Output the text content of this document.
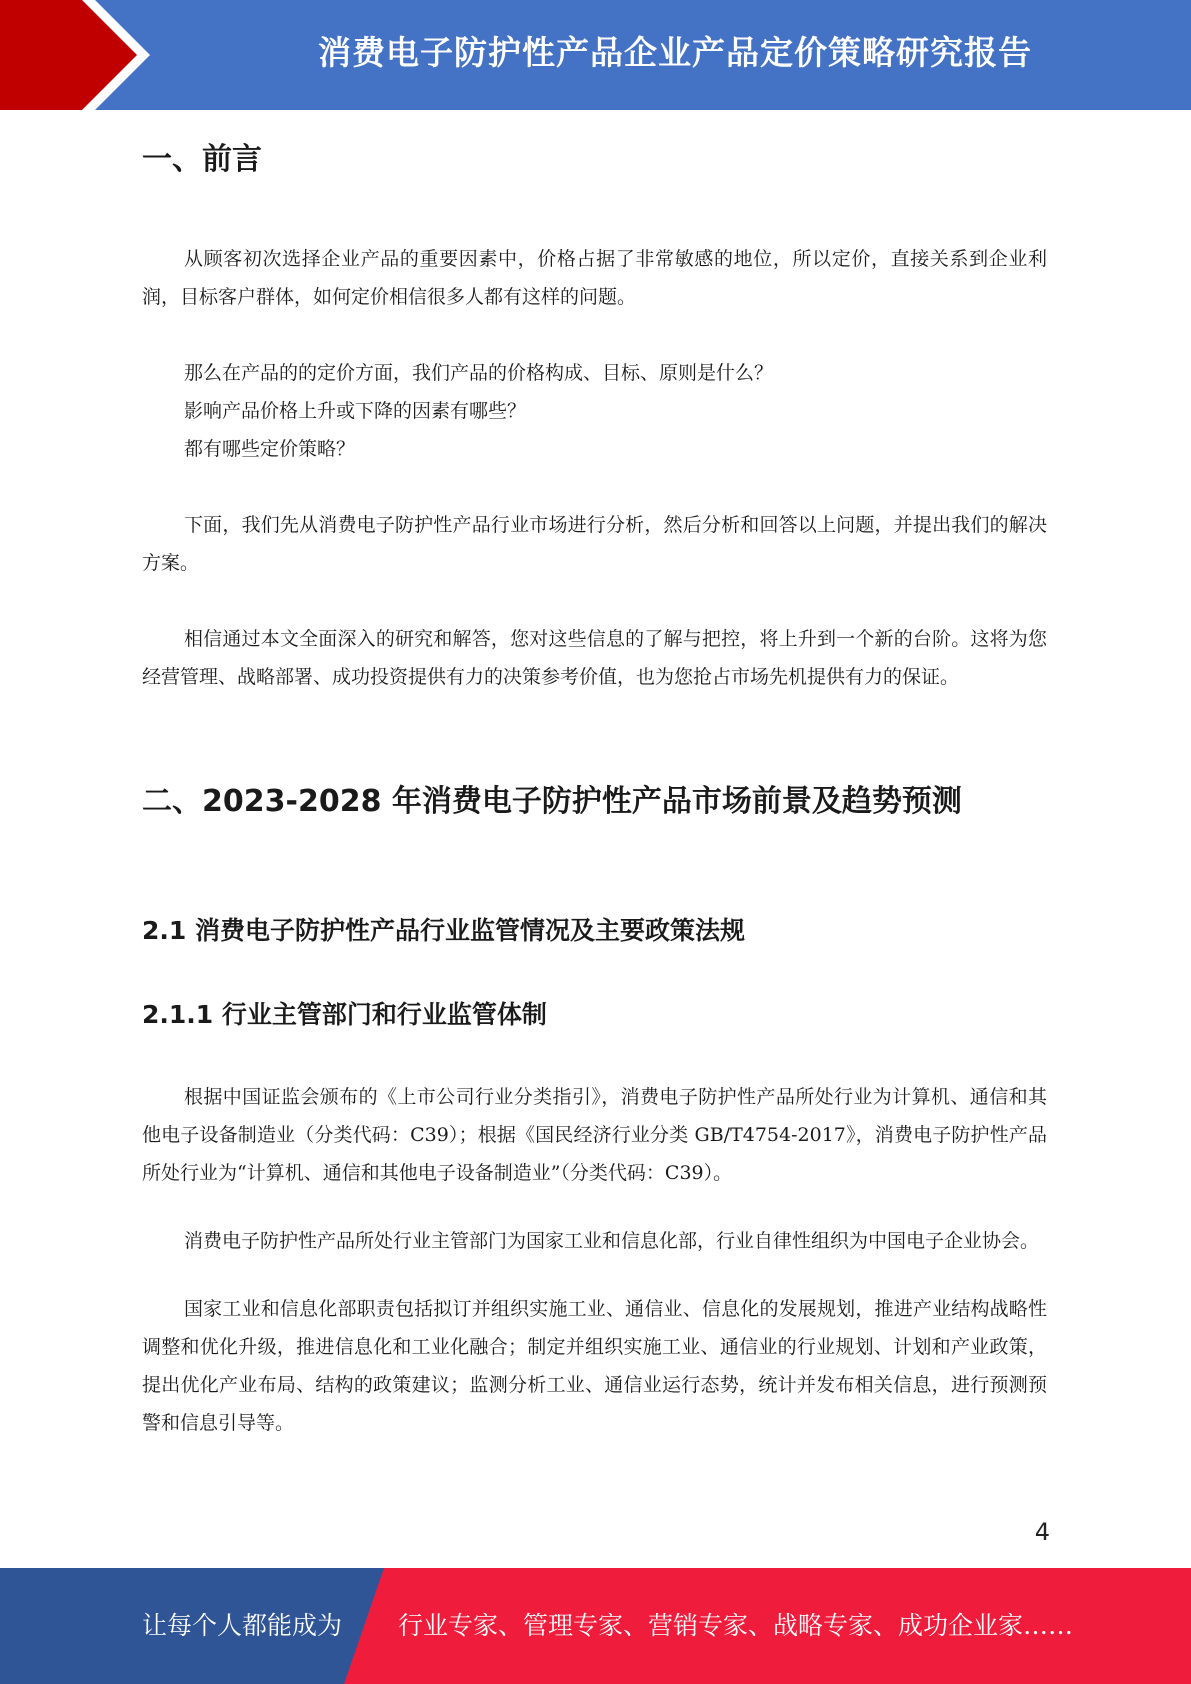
消费电子防护性产品企业产品定价策略研究报告
一、前言

从顾客初次选择企业产品的重要因素中，价格占据了非常敏感的地位，所以定价，直接关系到企业利润，目标客户群体，如何定价相信很多人都有这样的问题。

那么在产品的的定价方面，我们产品的价格构成、目标、原则是什么？

影响产品价格上升或下降的因素有哪些？

都有哪些定价策略？

下面，我们先从消费电子防护性产品行业市场进行分析，然后分析和回答以上问题，并提出我们的解决方案。

相信通过本文全面深入的研究和解答，您对这些信息的了解与把控，将上升到一个新的台阶。这将为您经营管理、战略部署、成功投资提供有力的决策参考价值，也为您抢占市场先机提供有力的保证。

二、2023-2028 年消费电子防护性产品市场前景及趋势预测
2.1 消费电子防护性产品行业监管情况及主要政策法规
2.1.1 行业主管部门和行业监管体制

根据中国证监会颁布的《上市公司行业分类指引》，消费电子防护性产品所处行业为计算机、通信和其他电子设备制造业（分类代码：C39）；根据《国民经济行业分类 GB/T4754-2017》，消费电子防护性产品所处行业为“计算机、通信和其他电子设备制造业”（分类代码：C39）。

消费电子防护性产品所处行业主管部门为国家工业和信息化部，行业自律性组织为中国电子企业协会。

国家工业和信息化部职责包括拟订并组织实施工业、通信业、信息化的发展规划，推进产业结构战略性调整和优化升级，推进信息化和工业化融合；制定并组织实施工业、通信业的行业规划、计划和产业政策，提出优化产业布局、结构的政策建议；监测分析工业、通信业运行态势，统计并发布相关信息，进行预测预警和信息引导等。

4
让每个人都能成为 行业专家、管理专家、营销专家、战略专家、成功企业家……
